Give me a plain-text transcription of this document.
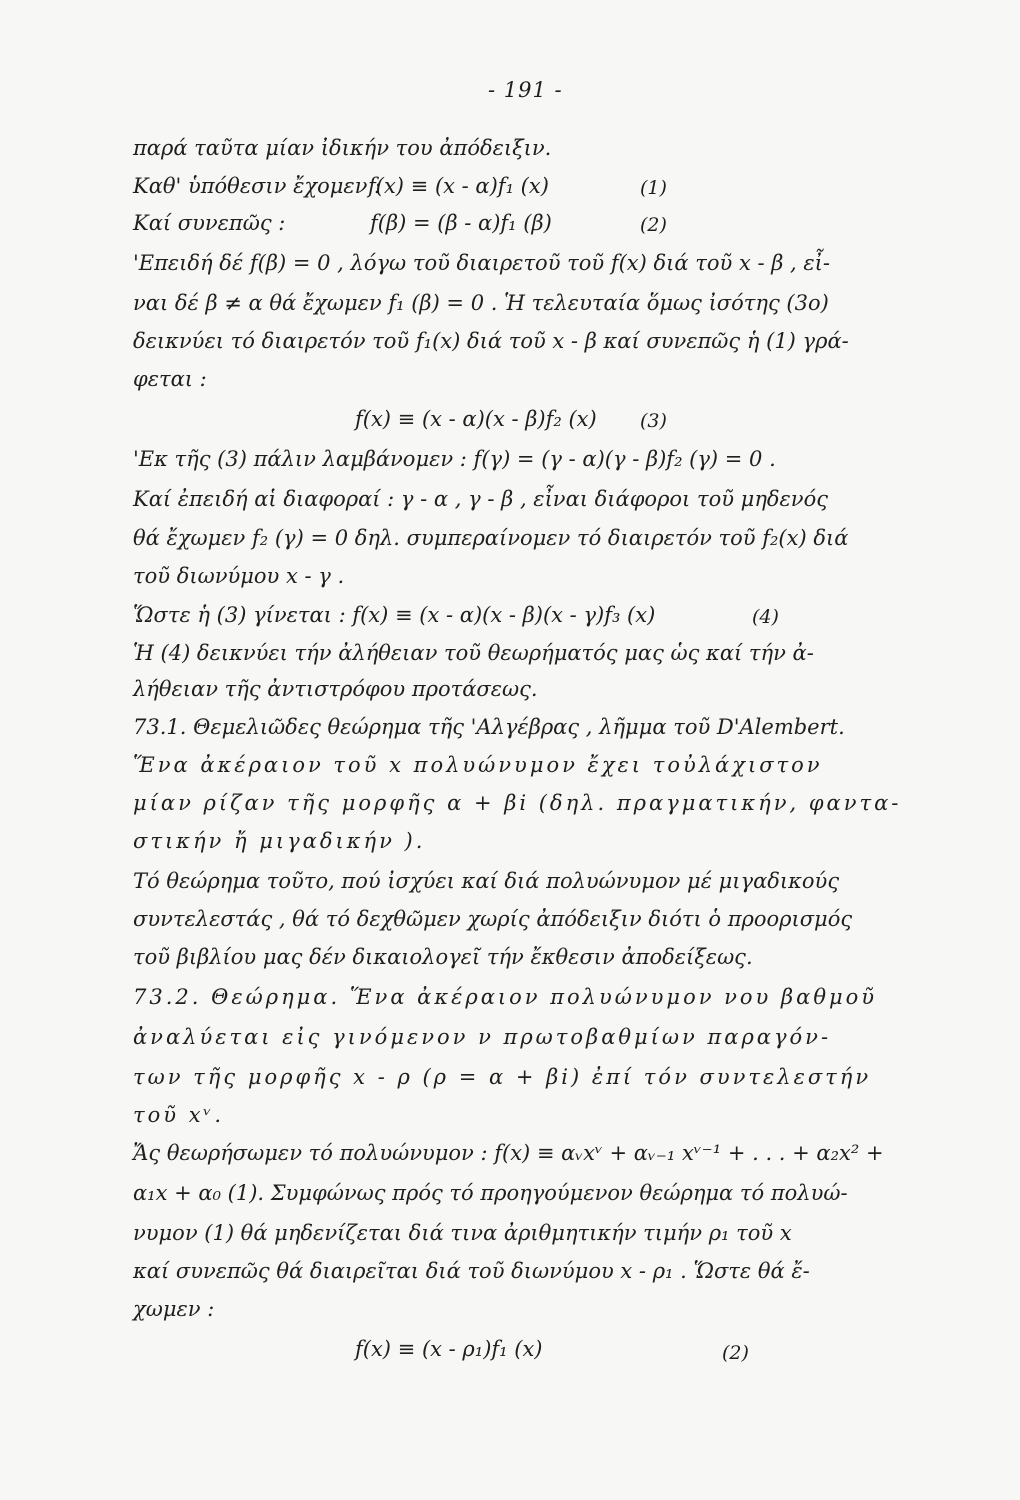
- 191 -
παρά ταῦτα μίαν ἰδικήν του ἀπόδειξιν.
Καθ' ὑπόθεσιν ἔχομεν :
f(x) ≡ (x - α)f₁ (x)	(1)
Καί συνεπῶς :	f(β) = (β - α)f₁ (β)	(2)
'Επειδή δέ f(β) = 0 , λόγω τοῦ διαιρετοῦ τοῦ f(x) διά τοῦ x - β , εἶ-
ναι δέ β ≠ α θά ἔχωμεν f₁ (β) = 0 . Ἡ τελευταία ὅμως ἰσότης (3ο)
δεικνύει τό διαιρετόν τοῦ f₁(x) διά τοῦ x - β καί συνεπῶς ἡ (1) γρά-
φεται :
f(x) ≡ (x - α)(x - β)f₂ (x) (3)
'Εκ τῆς (3) πάλιν λαμβάνομεν : f(γ) = (γ - α)(γ - β)f₂ (γ) = 0 .
Καί ἐπειδή αἱ διαφοραί : γ - α , γ - β , εἶναι διάφοροι τοῦ μηδενός
θά ἔχωμεν f₂ (γ) = 0 δηλ. συμπεραίνομεν τό διαιρετόν τοῦ f₂(x) διά
τοῦ διωνύμου x - γ .
Ὥστε ἡ (3) γίνεται : f(x) ≡ (x - α)(x - β)(x - γ)f₃ (x)	(4)
Ἡ (4) δεικνύει τήν ἀλήθειαν τοῦ θεωρήματός μας ὡς καί τήν ἀ-
λήθειαν τῆς ἀντιστρόφου προτάσεως.
73.1. Θεμελιῶδες θεώρημα τῆς 'Αλγέβρας , λῆμμα τοῦ D'Alembert.
Ἕνα ἀκέραιον τοῦ x πολυώνυμον ἔχει τοὐλάχιστον
μίαν ρίζαν τῆς μορφῆς α + βi (δηλ. πραγματικήν, φαντα-
στικήν ἤ μιγαδικήν ).
Τό θεώρημα τοῦτο, πού ἰσχύει καί διά πολυώνυμον μέ μιγαδικούς
συντελεστάς , θά τό δεχθῶμεν χωρίς ἀπόδειξιν διότι ὁ προορισμός
τοῦ βιβλίου μας δέν δικαιολογεῖ τήν ἔκθεσιν ἀποδείξεως.
73.2. Θεώρημα. Ἕνα ἀκέραιον πολυώνυμον νου βαθμοῦ
ἀναλύεται εἰς γινόμενον ν πρωτοβαθμίων παραγόν-
των τῆς μορφῆς x - ρ (ρ = α + βi) ἐπί τόν συντελεστήν
τοῦ xᵛ.
Ἄς θεωρήσωμεν τό πολυώνυμον : f(x) ≡ αᵥxᵛ + αᵥ₋₁ xᵛ⁻¹ + . . . + α₂x² +
α₁x + α₀ (1). Συμφώνως πρός τό προηγούμενον θεώρημα τό πολυώ-
νυμον (1) θά μηδενίζεται διά τινα ἀριθμητικήν τιμήν ρ₁ τοῦ x
καί συνεπῶς θά διαιρεῖται διά τοῦ διωνύμου x - ρ₁ . Ὥστε θά ἔ-
χωμεν :
f(x) ≡ (x - ρ₁)f₁ (x)	(2)
